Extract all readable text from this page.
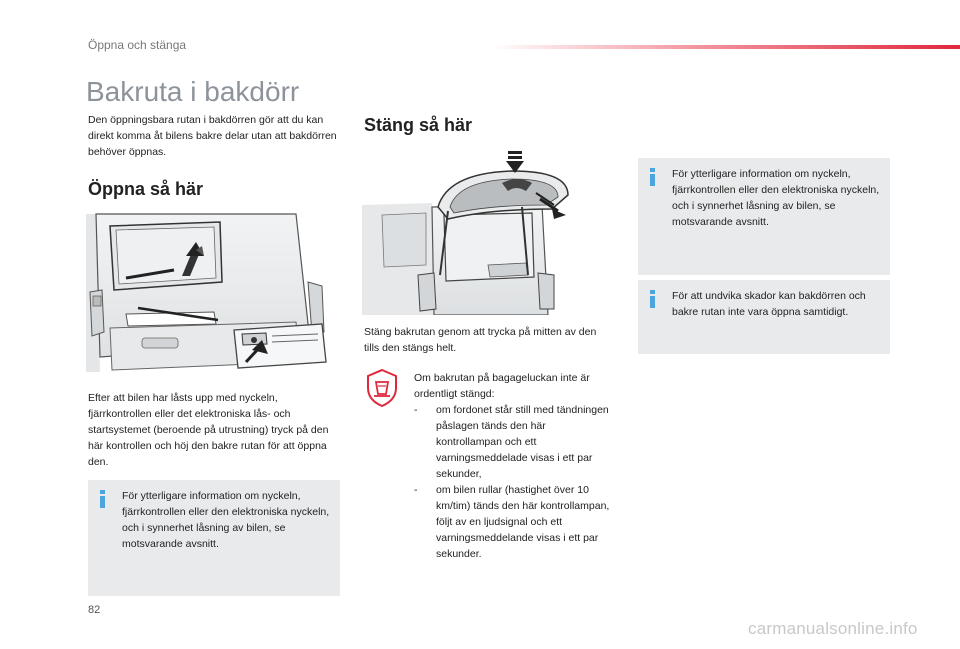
Öppna och stänga
Bakruta i bakdörr

Den öppningsbara rutan i bakdörren gör att du kan direkt komma åt bilens bakre delar utan att bakdörren behöver öppnas.

Öppna så här

Efter att bilen har låsts upp med nyckeln, fjärrkontrollen eller det elektroniska lås- och startsystemet (beroende på utrustning) tryck på den här kontrollen och höj den bakre rutan för att öppna den.

För ytterligare information om nyckeln, fjärrkontrollen eller den elektroniska nyckeln, och i synnerhet låsning av bilen, se motsvarande avsnitt.
Stäng så här

Stäng bakrutan genom att trycka på mitten av den tills den stängs helt.

Om bakrutan på bagageluckan inte är ordentligt stängd:
-	om fordonet står still med tändningen påslagen tänds den här kontrollampan och ett varningsmeddelade visas i ett par sekunder,
-	om bilen rullar (hastighet över 10 km/tim) tänds den här kontrollampan, följt av en ljudsignal och ett varningsmeddelande visas i ett par sekunder.
För ytterligare information om nyckeln, fjärrkontrollen eller den elektroniska nyckeln, och i synnerhet låsning av bilen, se motsvarande avsnitt.
För att undvika skador kan bakdörren och bakre rutan inte vara öppna samtidigt.
82
carmanualsonline.info
